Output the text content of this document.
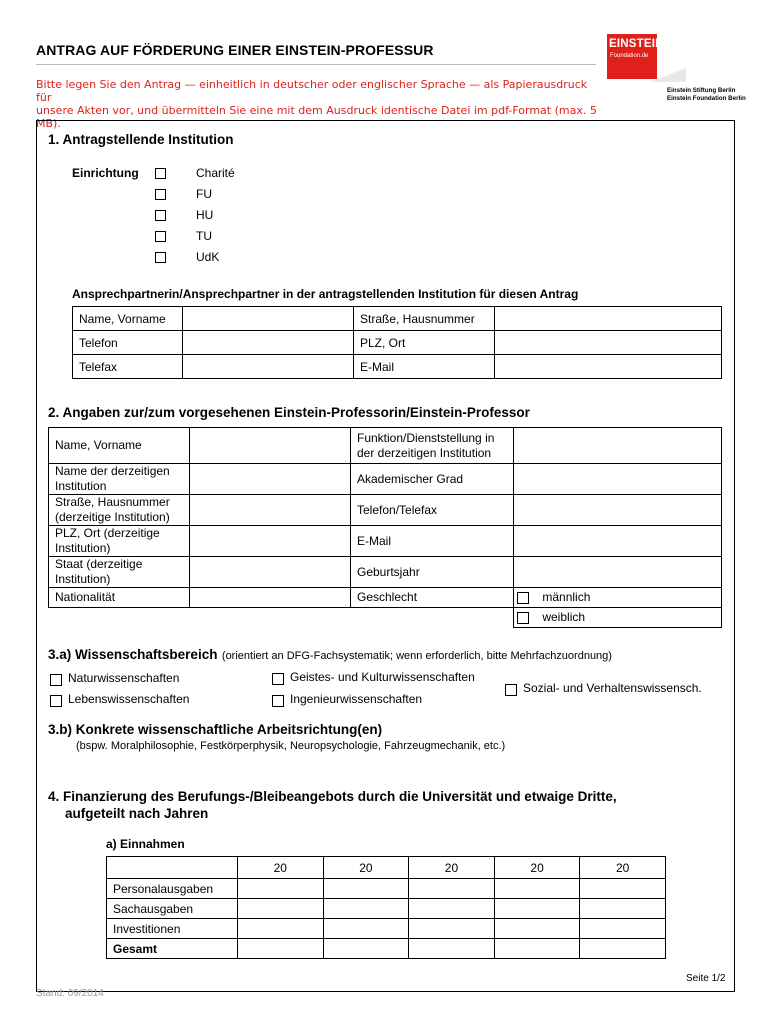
ANTRAG AUF FÖRDERUNG EINER EINSTEIN-PROFESSUR
Bitte legen Sie den Antrag — einheitlich in deutscher oder englischer Sprache — als Papierausdruck für
unsere Akten vor, und übermitteln Sie eine mit dem Ausdruck identische Datei im pdf-Format (max. 5 MB).
EINSTEIN
Foundation.de
Einstein Stiftung Berlin
Einstein Foundation Berlin
1. Antragstellende Institution
Einrichtung	Charité
FU
HU
TU
UdK
Ansprechpartnerin/Ansprechpartner in der antragstellenden Institution für diesen Antrag
Name, Vorname		Straße, Hausnummer	
Telefon		PLZ, Ort	
Telefax		E-Mail	
2. Angaben zur/zum vorgesehenen Einstein-Professorin/Einstein-Professor
Name, Vorname		Funktion/Dienststellung in der derzeitigen Institution	
Name der derzeitigen Institution		Akademischer Grad	
Straße, Hausnummer (derzeitige Institution)		Telefon/Telefax	
PLZ, Ort (derzeitige Institution)		E-Mail	
Staat (derzeitige Institution)		Geburtsjahr	
Nationalität		Geschlecht	männlich
			weiblich
3.a) Wissenschaftsbereich (orientiert an DFG-Fachsystematik; wenn erforderlich, bitte Mehrfachzuordnung)
Naturwissenschaften
Lebenswissenschaften
Geistes- und Kulturwissenschaften
Ingenieurwissenschaften
Sozial- und Verhaltenswissensch.
3.b) Konkrete wissenschaftliche Arbeitsrichtung(en)
(bspw. Moralphilosophie, Festkörperphysik, Neuropsychologie, Fahrzeugmechanik, etc.)
4. Finanzierung des Berufungs-/Bleibeangebots durch die Universität und etwaige Dritte,
aufgeteilt nach Jahren
a) Einnahmen
	20	20	20	20	20
Personalausgaben					
Sachausgaben					
Investitionen					
Gesamt					
Seite 1/2
Stand: 09/2014
